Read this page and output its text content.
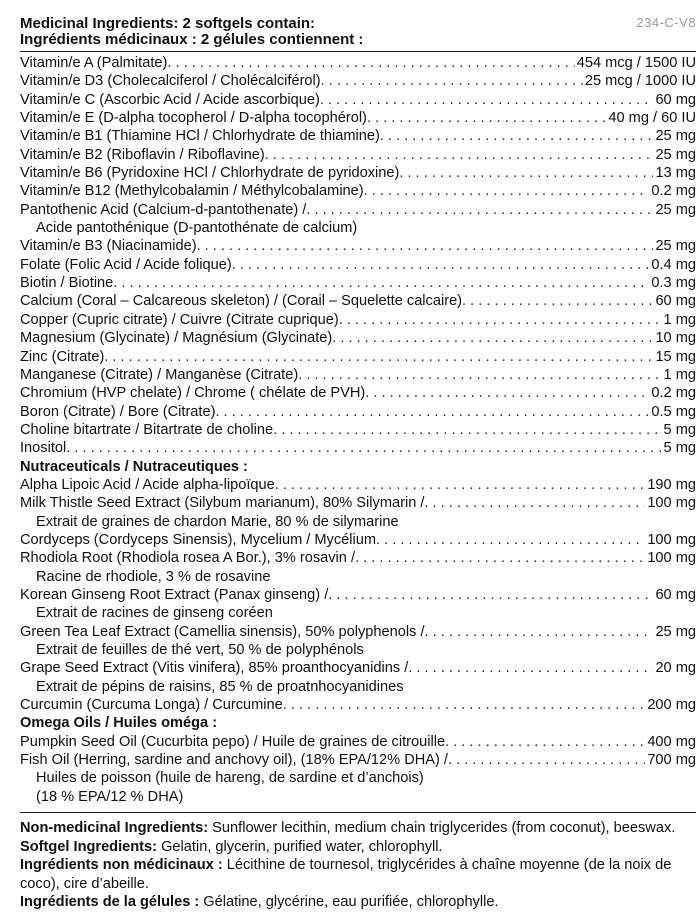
234-C-V8
Medicinal Ingredients: 2 softgels contain:
Ingrédients médicinaux : 2 gélules contiennent :
Vitamin/e A (Palmitate) . . .	454 mcg / 1500 IU
Vitamin/e D3 (Cholecalciferol / Cholécalciférol) . . .	25 mcg / 1000 IU
Vitamin/e C (Ascorbic Acid / Acide ascorbique) . . .	60 mg
Vitamin/e E (D-alpha tocopherol / D-alpha tocophérol) . . .	40 mg / 60 IU
Vitamin/e B1 (Thiamine HCl / Chlorhydrate de thiamine) . . .	25 mg
Vitamin/e B2 (Riboflavin / Riboflavine) . . .	25 mg
Vitamin/e B6 (Pyridoxine HCl / Chlorhydrate de pyridoxine) . . .	13 mg
Vitamin/e B12 (Methylcobalamin / Méthylcobalamine) . . .	0.2 mg
Pantothenic Acid (Calcium-d-pantothenate) / . . .	25 mg
Acide pantothénique (D-pantothénate de calcium)
Vitamin/e B3 (Niacinamide) . . .	25 mg
Folate (Folic Acid / Acide folique) . . .	0.4 mg
Biotin / Biotine . . .	0.3 mg
Calcium (Coral – Calcareous skeleton) / (Corail – Squelette calcaire) . . .	60 mg
Copper (Cupric citrate) / Cuivre (Citrate cuprique) . . .	1 mg
Magnesium (Glycinate) / Magnésium (Glycinate) . . .	10 mg
Zinc (Citrate) . . .	15 mg
Manganese (Citrate) / Manganèse (Citrate) . . .	1 mg
Chromium (HVP chelate) / Chrome ( chélate de PVH) . . .	0.2 mg
Boron (Citrate) / Bore (Citrate) . . .	0.5 mg
Choline bitartrate / Bitartrate de choline . . .	5 mg
Inositol . . .	5 mg
Nutraceuticals / Nutraceutiques :
Alpha Lipoic Acid / Acide alpha-lipoïque . . .	190 mg
Milk Thistle Seed Extract (Silybum marianum), 80% Silymarin / . . .	100 mg
Extrait de graines de chardon Marie, 80 % de silymarine
Cordyceps (Cordyceps Sinensis), Mycelium / Mycélium . . .	100 mg
Rhodiola Root (Rhodiola rosea A Bor.), 3% rosavin / . . .	100 mg
Racine de rhodiole, 3 % de rosavine
Korean Ginseng Root Extract (Panax ginseng) / . . .	60 mg
Extrait de racines de ginseng coréen
Green Tea Leaf Extract (Camellia sinensis), 50% polyphenols / . . .	25 mg
Extrait de feuilles de thé vert, 50 % de polyphénols
Grape Seed Extract (Vitis vinifera), 85% proanthocyanidins / . . .	20 mg
Extrait de pépins de raisins, 85 % de proatnhocyanidines
Curcumin (Curcuma Longa) / Curcumine . . .	200 mg
Omega Oils / Huiles oméga :
Pumpkin Seed Oil (Cucurbita pepo) / Huile de graines de citrouille . . .	400 mg
Fish Oil (Herring, sardine and anchovy oil), (18% EPA/12% DHA) / . . .	700 mg
Huiles de poisson (huile de hareng, de sardine et d’anchois)
(18 % EPA/12 % DHA)

Non-medicinal Ingredients: Sunflower lecithin, medium chain triglycerides (from coconut), beeswax.

Softgel Ingredients: Gelatin, glycerin, purified water, chlorophyll.

Ingrédients non médicinaux : Lécithine de tournesol, triglycérides à chaîne moyenne (de la noix de coco), cire d’abeille.

Ingrédients de la gélules : Gélatine, glycérine, eau purifiée, chlorophylle.
